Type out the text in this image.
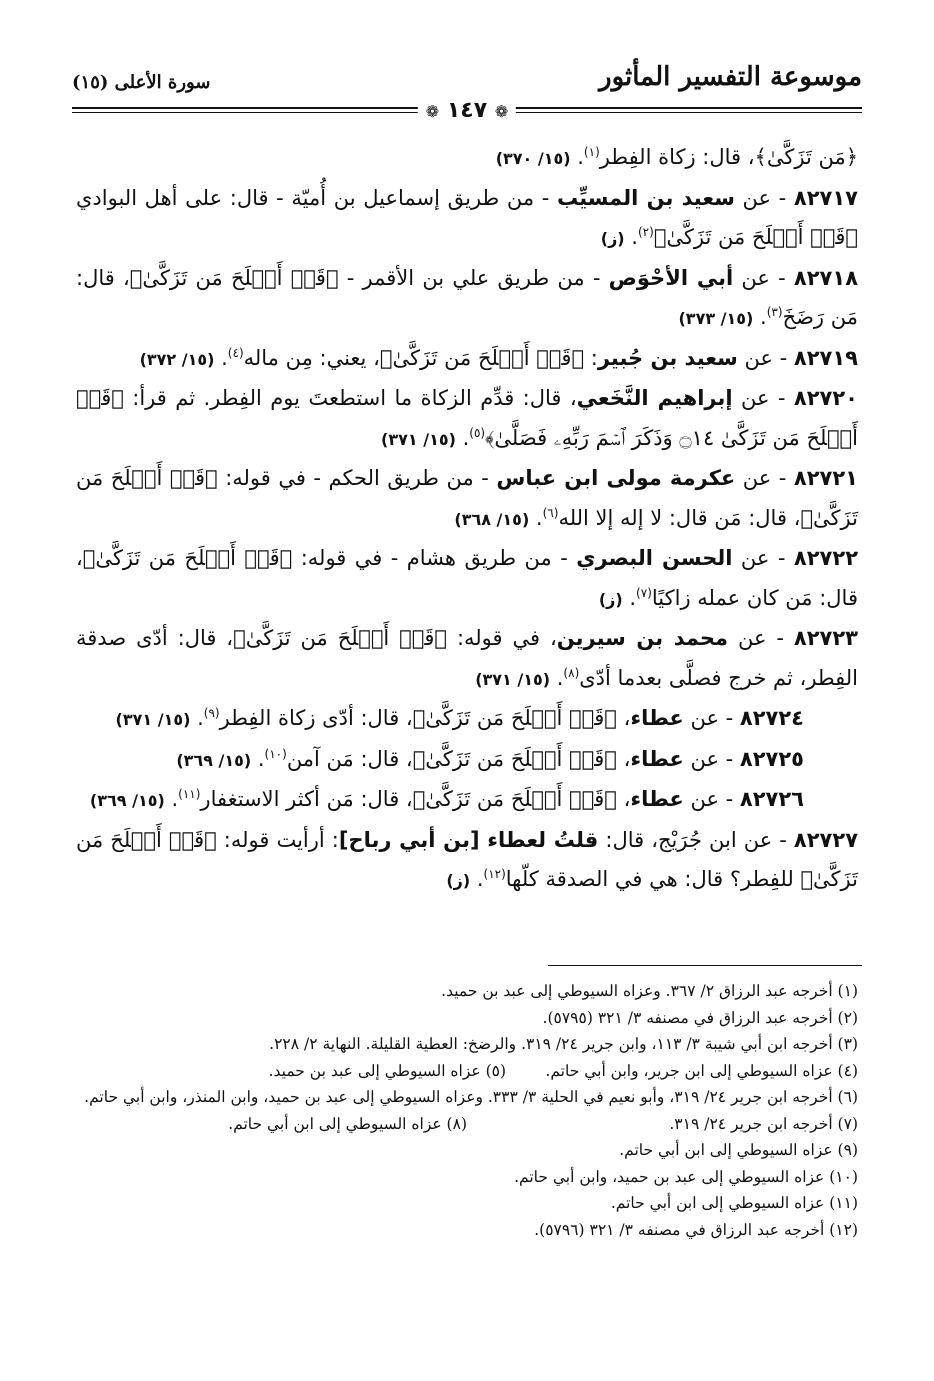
موسوعة التفسير المأثور
سورة الأعلى (١٥)
❁ ١٤٧ ❁

﴿مَن تَزَكَّىٰ﴾، قال: زكاة الفِطر$^{(١)}$. (١٥/ ٣٧٠)

٨٢٧١٧ - عن سعيد بن المسيِّب - من طريق إسماعيل بن أُميّة - قال: على أهل البوادي ﴿قَدۡ أَفۡلَحَ مَن تَزَكَّىٰ﴾$^{(٢)}$. (ز)

٨٢٧١٨ - عن أبي الأحْوَص - من طريق علي بن الأقمر - ﴿قَدۡ أَفۡلَحَ مَن تَزَكَّىٰ﴾، قال: مَن رَضَخَ$^{(٣)}$. (١٥/ ٣٧٣)

٨٢٧١٩ - عن سعيد بن جُبير: ﴿قَدۡ أَفۡلَحَ مَن تَزَكَّىٰ﴾، يعني: مِن ماله$^{(٤)}$. (١٥/ ٣٧٢)

٨٢٧٢٠ - عن إبراهيم النَّخَعي، قال: قدِّم الزكاة ما استطعتَ يوم الفِطر. ثم قرأ: ﴿قَدۡ أَفۡلَحَ مَن تَزَكَّىٰ ۝١٤ وَذَكَرَ ٱسۡمَ رَبِّهِۦ فَصَلَّىٰ﴾$^{(٥)}$. (١٥/ ٣٧١)

٨٢٧٢١ - عن عكرمة مولى ابن عباس - من طريق الحكم - في قوله: ﴿قَدۡ أَفۡلَحَ مَن تَزَكَّىٰ﴾، قال: مَن قال: لا إله إلا الله$^{(٦)}$. (١٥/ ٣٦٨)

٨٢٧٢٢ - عن الحسن البصري - من طريق هشام - في قوله: ﴿قَدۡ أَفۡلَحَ مَن تَزَكَّىٰ﴾، قال: مَن كان عمله زاكيًا$^{(٧)}$. (ز)

٨٢٧٢٣ - عن محمد بن سيرين، في قوله: ﴿قَدۡ أَفۡلَحَ مَن تَزَكَّىٰ﴾، قال: أدّى صدقة الفِطر، ثم خرج فصلَّى بعدما أدّى$^{(٨)}$. (١٥/ ٣٧١)

٨٢٧٢٤ - عن عطاء، ﴿قَدۡ أَفۡلَحَ مَن تَزَكَّىٰ﴾، قال: أدّى زكاة الفِطر$^{(٩)}$. (١٥/ ٣٧١)

٨٢٧٢٥ - عن عطاء، ﴿قَدۡ أَفۡلَحَ مَن تَزَكَّىٰ﴾، قال: مَن آمن$^{(١٠)}$. (١٥/ ٣٦٩)

٨٢٧٢٦ - عن عطاء، ﴿قَدۡ أَفۡلَحَ مَن تَزَكَّىٰ﴾، قال: مَن أكثر الاستغفار$^{(١١)}$. (١٥/ ٣٦٩)

٨٢٧٢٧ - عن ابن جُرَيْج، قال: قلتُ لعطاء [بن أبي رباح]: أرأيت قوله: ﴿قَدۡ أَفۡلَحَ مَن تَزَكَّىٰ﴾ للفِطر؟ قال: هي في الصدقة كلّها$^{(١٢)}$. (ز)

(١) أخرجه عبد الرزاق ٢/ ٣٦٧. وعزاه السيوطي إلى عبد بن حميد.

(٢) أخرجه عبد الرزاق في مصنفه ٣/ ٣٢١ (٥٧٩٥).

(٣) أخرجه ابن أبي شيبة ٣/ ١١٣، وابن جرير ٢٤/ ٣١٩. والرضخ: العطية القليلة. النهاية ٢/ ٢٢٨.

(٤) عزاه السيوطي إلى ابن جرير، وابن أبي حاتم.        (٥) عزاه السيوطي إلى عبد بن حميد.

(٦) أخرجه ابن جرير ٢٤/ ٣١٩، وأبو نعيم في الحلية ٣/ ٣٣٣. وعزاه السيوطي إلى عبد بن حميد، وابن المنذر، وابن أبي حاتم.

(٧) أخرجه ابن جرير ٢٤/ ٣١٩.

(٨) عزاه السيوطي إلى ابن أبي حاتم.

(٩) عزاه السيوطي إلى ابن أبي حاتم.

(١٠) عزاه السيوطي إلى عبد بن حميد، وابن أبي حاتم.

(١١) عزاه السيوطي إلى ابن أبي حاتم.

(١٢) أخرجه عبد الرزاق في مصنفه ٣/ ٣٢١ (٥٧٩٦).
